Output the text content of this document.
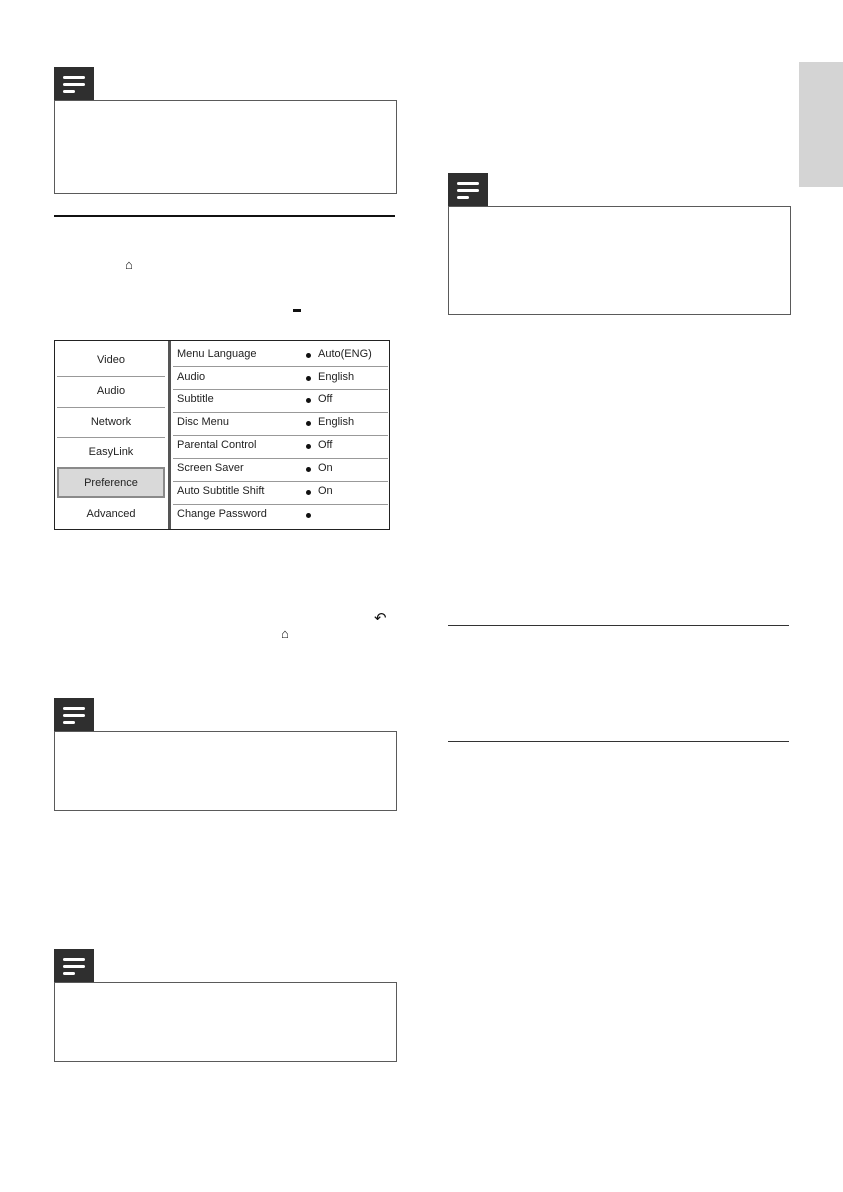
⌂
Video
Audio
Network
EasyLink
Preference
Advanced
Menu Language	Auto(ENG)
Audio	English
Subtitle	Off
Disc Menu	English
Parental Control	Off
Screen Saver	On
Auto Subtitle Shift	On
Change Password
↶
⌂
